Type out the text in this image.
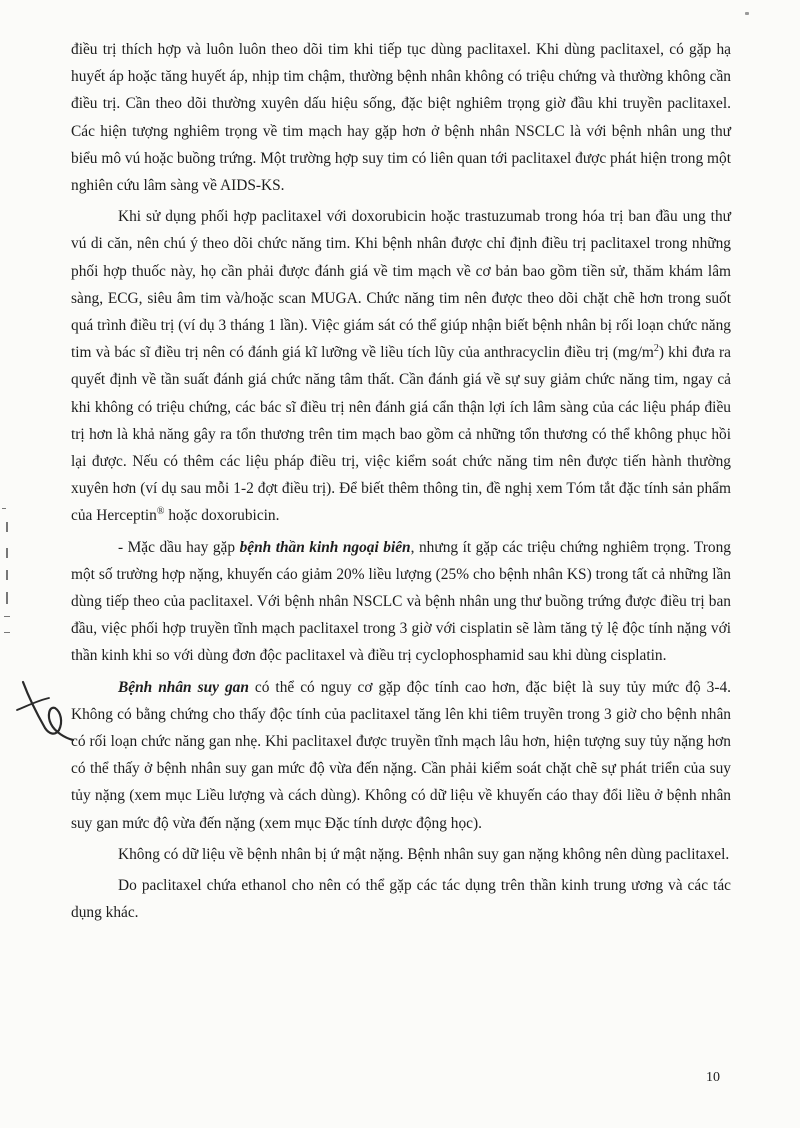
điều trị thích hợp và luôn luôn theo dõi tim khi tiếp tục dùng paclitaxel. Khi dùng paclitaxel, có gặp hạ huyết áp hoặc tăng huyết áp, nhịp tim chậm, thường bệnh nhân không có triệu chứng và thường không cần điều trị. Cần theo dõi thường xuyên dấu hiệu sống, đặc biệt nghiêm trọng giờ đầu khi truyền paclitaxel. Các hiện tượng nghiêm trọng về tim mạch hay gặp hơn ở bệnh nhân NSCLC là với bệnh nhân ung thư biểu mô vú hoặc buồng trứng. Một trường hợp suy tim có liên quan tới paclitaxel được phát hiện trong một nghiên cứu lâm sàng về AIDS-KS.

Khi sử dụng phối hợp paclitaxel với doxorubicin hoặc trastuzumab trong hóa trị ban đầu ung thư vú di căn, nên chú ý theo dõi chức năng tim. Khi bệnh nhân được chỉ định điều trị paclitaxel trong những phối hợp thuốc này, họ cần phải được đánh giá về tim mạch về cơ bản bao gồm tiền sử, thăm khám lâm sàng, ECG, siêu âm tim và/hoặc scan MUGA. Chức năng tim nên được theo dõi chặt chẽ hơn trong suốt quá trình điều trị (ví dụ 3 tháng 1 lần). Việc giám sát có thể giúp nhận biết bệnh nhân bị rối loạn chức năng tim và bác sĩ điều trị nên có đánh giá kĩ lưỡng về liều tích lũy của anthracyclin điều trị $(mg/m^2)$ khi đưa ra quyết định về tần suất đánh giá chức năng tâm thất. Cần đánh giá về sự suy giảm chức năng tim, ngay cả khi không có triệu chứng, các bác sĩ điều trị nên đánh giá cẩn thận lợi ích lâm sàng của các liệu pháp điều trị hơn là khả năng gây ra tổn thương trên tim mạch bao gồm cả những tổn thương có thể không phục hồi lại được. Nếu có thêm các liệu pháp điều trị, việc kiểm soát chức năng tim nên được tiến hành thường xuyên hơn (ví dụ sau mỗi 1-2 đợt điều trị). Để biết thêm thông tin, đề nghị xem Tóm tắt đặc tính sản phẩm của Herceptin® hoặc doxorubicin.

- Mặc dầu hay gặp bệnh thần kinh ngoại biên, nhưng ít gặp các triệu chứng nghiêm trọng. Trong một số trường hợp nặng, khuyến cáo giảm 20% liều lượng (25% cho bệnh nhân KS) trong tất cả những lần dùng tiếp theo của paclitaxel. Với bệnh nhân NSCLC và bệnh nhân ung thư buồng trứng được điều trị ban đầu, việc phối hợp truyền tĩnh mạch paclitaxel trong 3 giờ với cisplatin sẽ làm tăng tỷ lệ độc tính nặng với thần kinh khi so với dùng đơn độc paclitaxel và điều trị cyclophosphamid sau khi dùng cisplatin.

Bệnh nhân suy gan có thể có nguy cơ gặp độc tính cao hơn, đặc biệt là suy tủy mức độ 3-4. Không có bằng chứng cho thấy độc tính của paclitaxel tăng lên khi tiêm truyền trong 3 giờ cho bệnh nhân có rối loạn chức năng gan nhẹ. Khi paclitaxel được truyền tĩnh mạch lâu hơn, hiện tượng suy tủy nặng hơn có thể thấy ở bệnh nhân suy gan mức độ vừa đến nặng. Cần phải kiểm soát chặt chẽ sự phát triển của suy tủy nặng (xem mục Liều lượng và cách dùng). Không có dữ liệu về khuyến cáo thay đổi liều ở bệnh nhân suy gan mức độ vừa đến nặng (xem mục Đặc tính dược động học).

Không có dữ liệu về bệnh nhân bị ứ mật nặng. Bệnh nhân suy gan nặng không nên dùng paclitaxel.

Do paclitaxel chứa ethanol cho nên có thể gặp các tác dụng trên thần kinh trung ương và các tác dụng khác.

10
